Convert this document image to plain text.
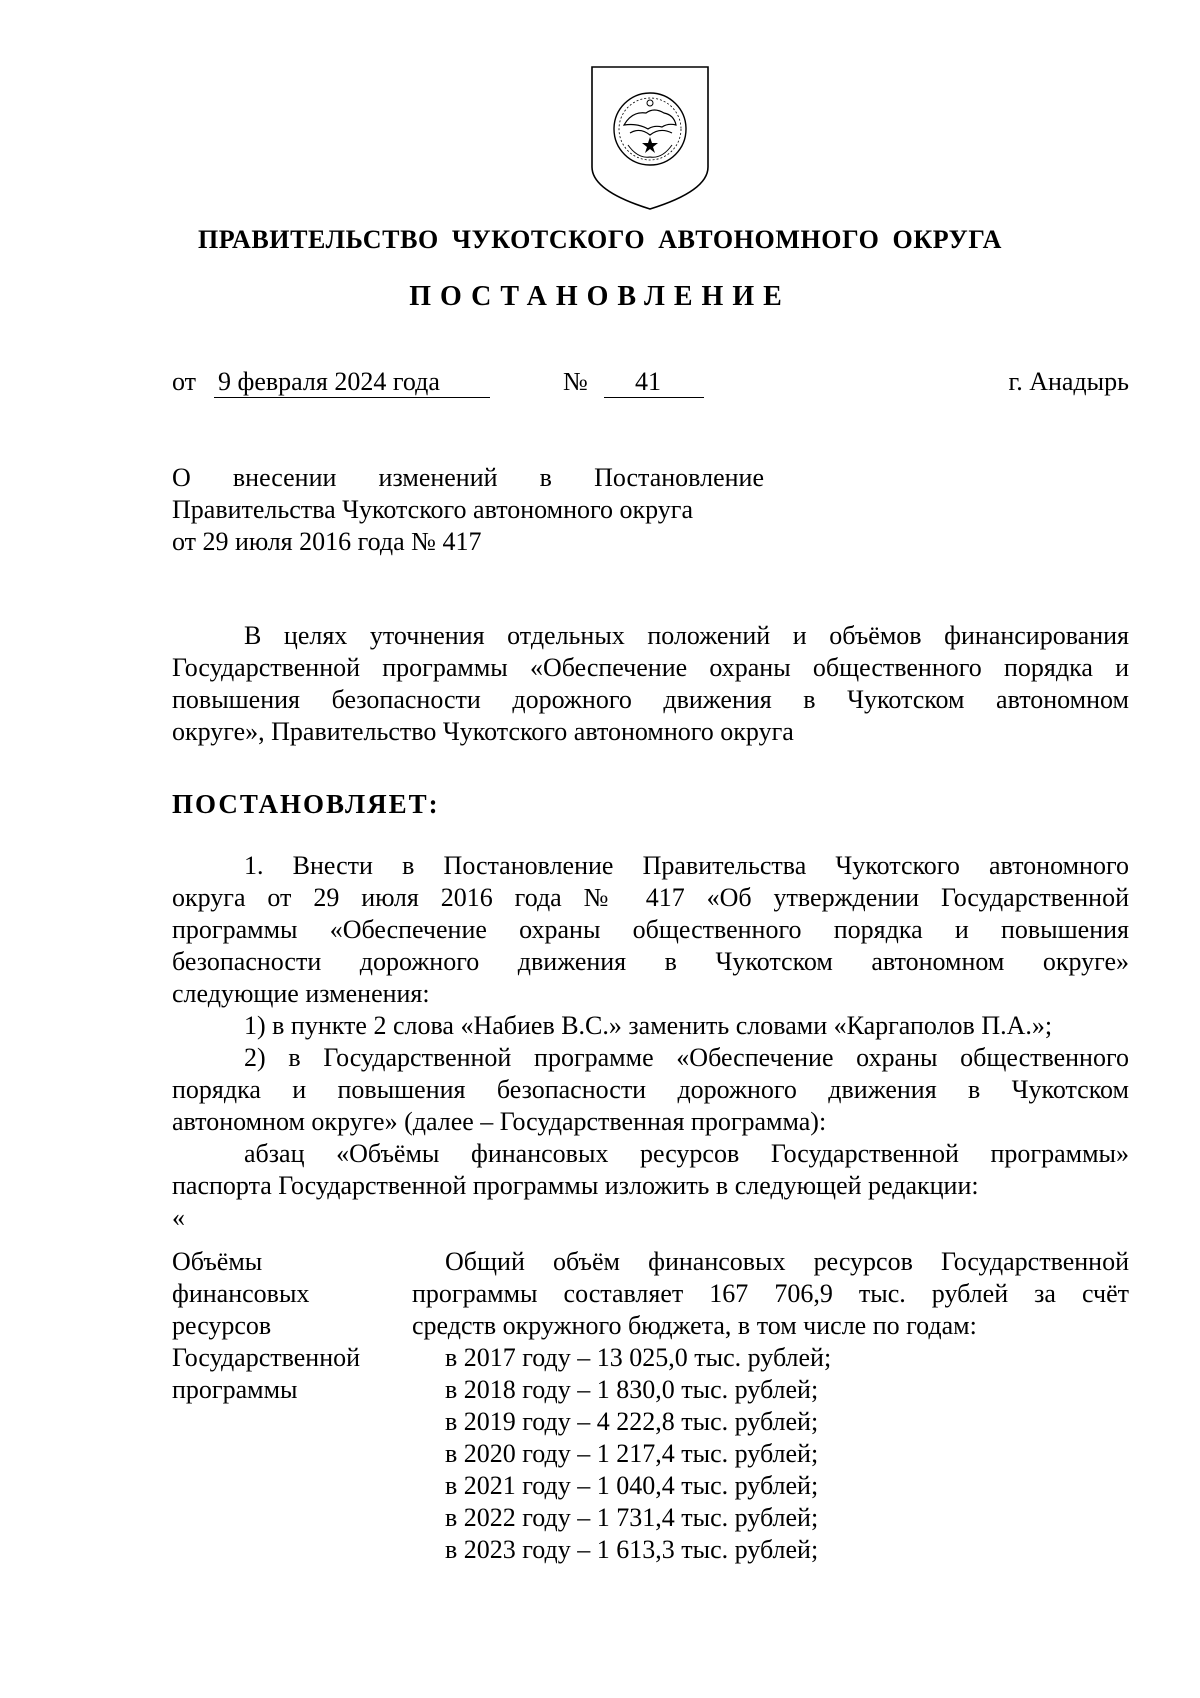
ПРАВИТЕЛЬСТВО ЧУКОТСКОГО АВТОНОМНОГО ОКРУГА
ПОСТАНОВЛЕНИЕ
от 9 февраля 2024 года	№ 41	г. Анадырь
О внесении изменений в Постановление
Правительства Чукотского автономного округа
от 29 июля 2016 года № 417
В целях уточнения отдельных положений и объёмов финансирования
Государственной программы «Обеспечение охраны общественного порядка и
повышения безопасности дорожного движения в Чукотском автономном
округе», Правительство Чукотского автономного округа
ПОСТАНОВЛЯЕТ:
1. Внести в Постановление Правительства Чукотского автономного
округа от 29 июля 2016 года № 417 «Об утверждении Государственной
программы «Обеспечение охраны общественного порядка и повышения
безопасности дорожного движения в Чукотском автономном округе»
следующие изменения:
1) в пункте 2 слова «Набиев В.С.» заменить словами «Каргаполов П.А.»;
2) в Государственной программе «Обеспечение охраны общественного
порядка и повышения безопасности дорожного движения в Чукотском
автономном округе» (далее – Государственная программа):
абзац «Объёмы финансовых ресурсов Государственной программы»
паспорта Государственной программы изложить в следующей редакции:
«
Объёмы
финансовых
ресурсов
Государственной
программы
Общий объём финансовых ресурсов Государственной
программы составляет 167 706,9 тыс. рублей за счёт
средств окружного бюджета, в том числе по годам:
в 2017 году – 13 025,0 тыс. рублей;
в 2018 году – 1 830,0 тыс. рублей;
в 2019 году – 4 222,8 тыс. рублей;
в 2020 году – 1 217,4 тыс. рублей;
в 2021 году – 1 040,4 тыс. рублей;
в 2022 году – 1 731,4 тыс. рублей;
в 2023 году – 1 613,3 тыс. рублей;
